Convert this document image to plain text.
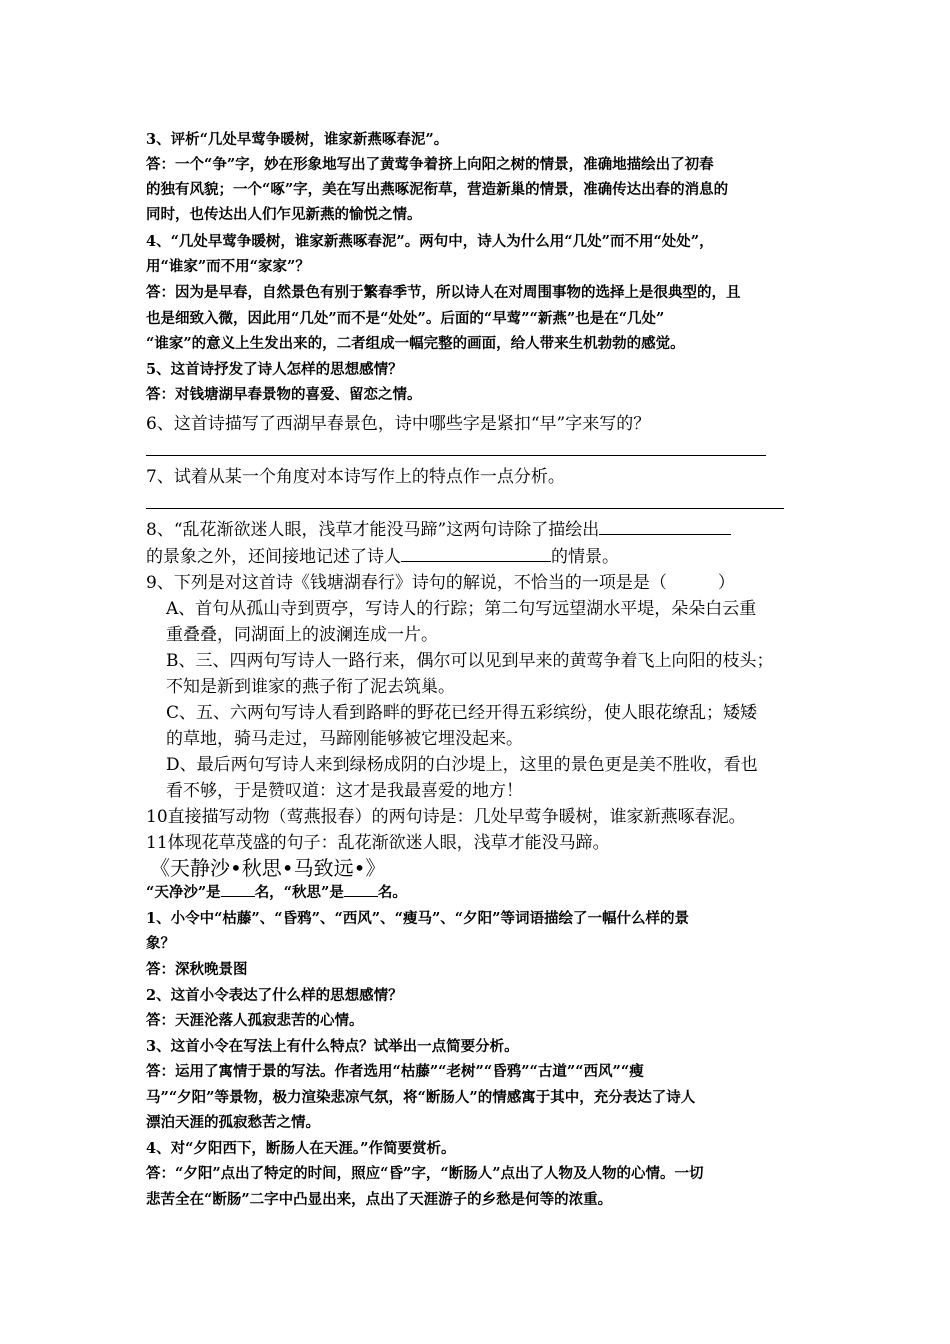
3、评析“几处早莺争暖树，谁家新燕啄春泥”。
答：一个“争”字，妙在形象地写出了黄莺争着挤上向阳之树的情景，准确地描绘出了初春
的独有风貌；一个“啄”字，美在写出燕啄泥衔草，营造新巢的情景，准确传达出春的消息的
同时，也传达出人们乍见新燕的愉悦之情。
4、“几处早莺争暖树，谁家新燕啄春泥”。两句中，诗人为什么用“几处”而不用“处处”，
用“谁家”而不用“家家”？
答：因为是早春，自然景色有别于繁春季节，所以诗人在对周围事物的选择上是很典型的，且
也是细致入微，因此用“几处”而不是“处处”。后面的“早莺”“新燕”也是在“几处”
“谁家”的意义上生发出来的，二者组成一幅完整的画面，给人带来生机勃勃的感觉。
5、这首诗抒发了诗人怎样的思想感情？
答：对钱塘湖早春景物的喜爱、留恋之情。
6、这首诗描写了西湖早春景色，诗中哪些字是紧扣“早”字来写的？
7、试着从某一个角度对本诗写作上的特点作一点分析。
8、“乱花渐欲迷人眼，浅草才能没马蹄”这两句诗除了描绘出
的景象之外，还间接地记述了诗人	的情景。
9、下列是对这首诗《钱塘湖春行》诗句的解说，不恰当的一项是是（　　　）
A、首句从孤山寺到贾亭，写诗人的行踪；第二句写远望湖水平堤，朵朵白云重
重叠叠，同湖面上的波澜连成一片。
B、三、四两句写诗人一路行来，偶尔可以见到早来的黄莺争着飞上向阳的枝头；
不知是新到谁家的燕子衔了泥去筑巢。
C、五、六两句写诗人看到路畔的野花已经开得五彩缤纷，使人眼花缭乱；矮矮
的草地，骑马走过，马蹄刚能够被它埋没起来。
D、最后两句写诗人来到绿杨成阴的白沙堤上，这里的景色更是美不胜收，看也
看不够，于是赞叹道：这才是我最喜爱的地方！
10直接描写动物（莺燕报春）的两句诗是：几处早莺争暖树，谁家新燕啄春泥。
11体现花草茂盛的句子：乱花渐欲迷人眼，浅草才能没马蹄。
《天静沙•秋思•马致远•》
“天净沙”是 名，“秋思”是 名。
1、小令中“枯藤”、“昏鸦”、“西风”、“瘦马”、“夕阳”等词语描绘了一幅什么样的景
象？
答：深秋晚景图
2、这首小令表达了什么样的思想感情？
答：天涯沦落人孤寂悲苦的心情。
3、这首小令在写法上有什么特点？试举出一点简要分析。
答：运用了寓情于景的写法。作者选用“枯藤”“老树”“昏鸦”“古道”“西风”“瘦
马”“夕阳”等景物，极力渲染悲凉气氛，将“断肠人”的情感寓于其中，充分表达了诗人
漂泊天涯的孤寂愁苦之情。
4、对“夕阳西下，断肠人在天涯。”作简要赏析。
答：“夕阳”点出了特定的时间，照应“昏”字，“断肠人”点出了人物及人物的心情。一切
悲苦全在“断肠”二字中凸显出来，点出了天涯游子的乡愁是何等的浓重。
